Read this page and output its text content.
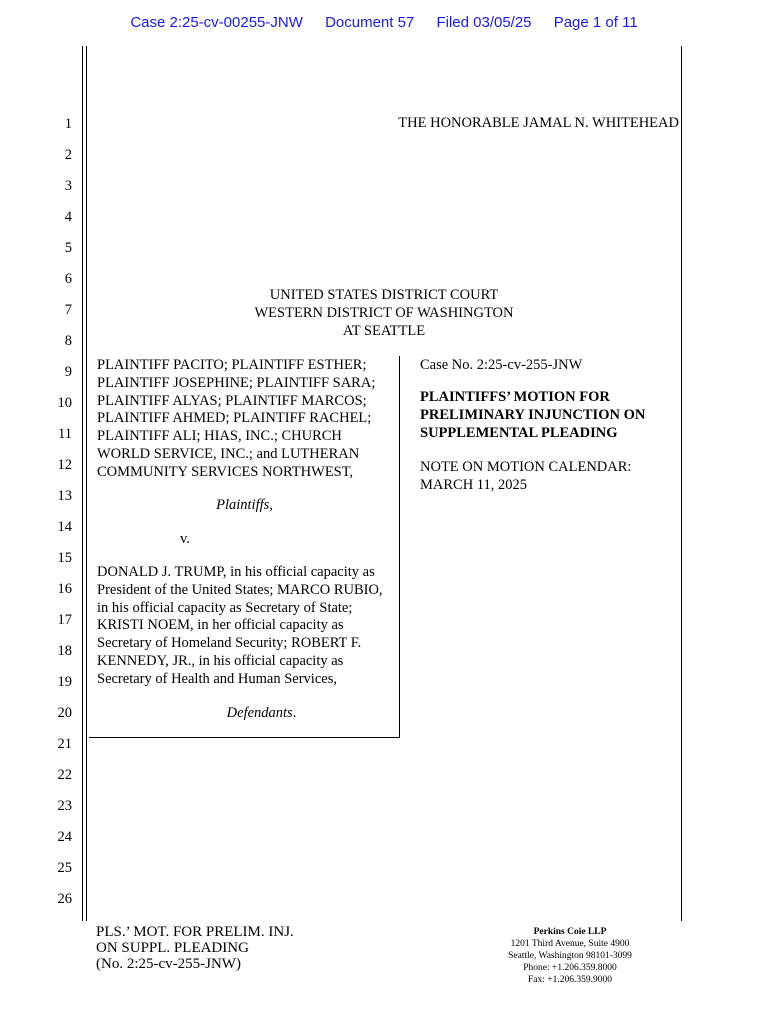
Case 2:25-cv-00255-JNW Document 57 Filed 03/05/25 Page 1 of 11
1
2
3
4
5
6
7
8
9
10
11
12
13
14
15
16
17
18
19
20
21
22
23
24
25
26
THE HONORABLE JAMAL N. WHITEHEAD
UNITED STATES DISTRICT COURT
WESTERN DISTRICT OF WASHINGTON
AT SEATTLE
PLAINTIFF PACITO; PLAINTIFF ESTHER;
PLAINTIFF JOSEPHINE; PLAINTIFF SARA;
PLAINTIFF ALYAS; PLAINTIFF MARCOS;
PLAINTIFF AHMED; PLAINTIFF RACHEL;
PLAINTIFF ALI; HIAS, INC.; CHURCH
WORLD SERVICE, INC.; and LUTHERAN
COMMUNITY SERVICES NORTHWEST,
Plaintiffs,
v.
DONALD J. TRUMP, in his official capacity as
President of the United States; MARCO RUBIO,
in his official capacity as Secretary of State;
KRISTI NOEM, in her official capacity as
Secretary of Homeland Security; ROBERT F.
KENNEDY, JR., in his official capacity as
Secretary of Health and Human Services,
Defendants.
Case No. 2:25-cv-255-JNW
PLAINTIFFS’ MOTION FOR
PRELIMINARY INJUNCTION ON
SUPPLEMENTAL PLEADING
NOTE ON MOTION CALENDAR:
MARCH 11, 2025
PLS.’ MOT. FOR PRELIM. INJ.
ON SUPPL. PLEADING
(No. 2:25-cv-255-JNW)
Perkins Coie LLP
1201 Third Avenue, Suite 4900
Seattle, Washington 98101-3099
Phone: +1.206.359.8000
Fax: +1.206.359.9000
